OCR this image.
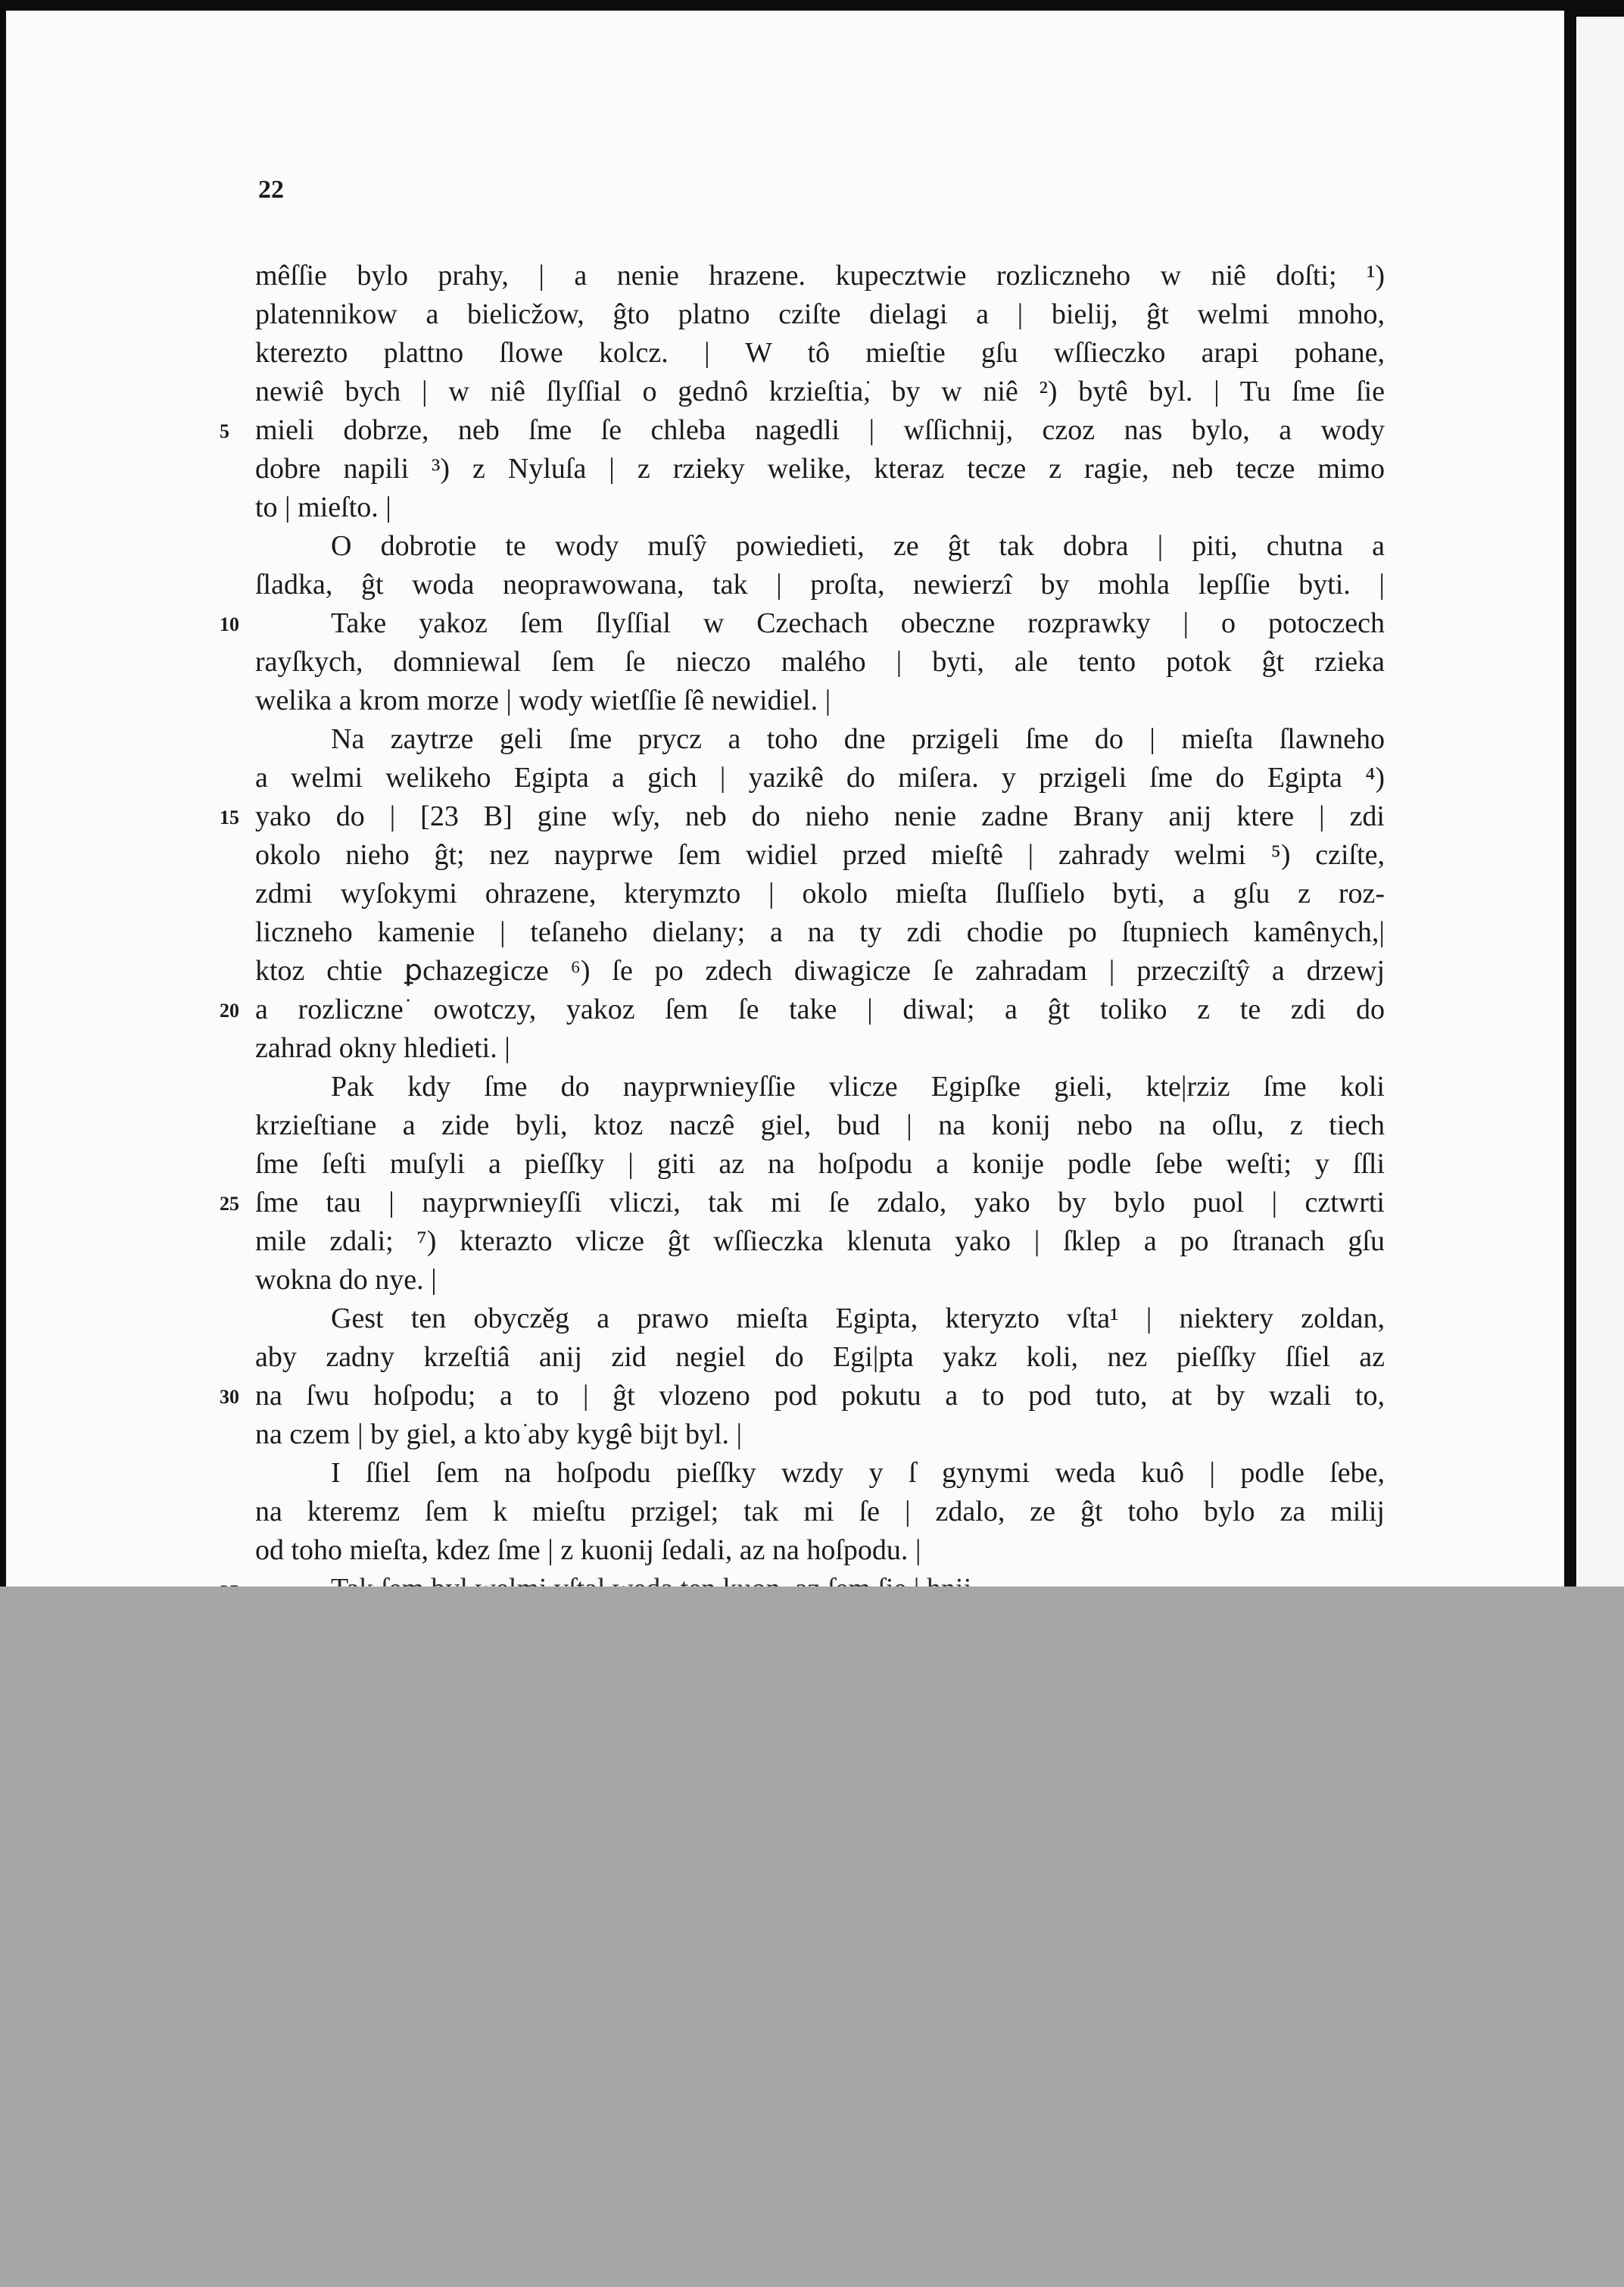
22
mêſſie bylo prahy, | a nenie hrazene. kupecztwie rozliczneho w niê doſti; ¹)
platennikow a bielicžow, ĝto platno cziſte dielagi a | bielij, ĝt welmi mnoho,
kterezto plattno ſlowe kolcz. | W tô mieſtie gſu wſſieczko arapi pohane,
newiê bych | w niê ſlyſſial o gednô krzieſtia͘, by w niê ²) bytê byl. | Tu ſme ſie
5 mieli dobrze, neb ſme ſe chleba nagedli | wſſichnij, czoz nas bylo, a wody
dobre napili ³) z Nyluſa | z rzieky welike, kteraz tecze z ragie, neb tecze mimo
to | mieſto. |
O dobrotie te wody muſŷ powiedieti, ze ĝt tak dobra | piti, chutna a
ſladka, ĝt woda neoprawowana, tak | proſta, newierzî by mohla lepſſie byti. |
10	Take yakoz ſem ſlyſſial w Czechach obeczne rozprawky | o potoczech
rayſkych, domniewal ſem ſe nieczo malého | byti, ale tento potok ĝt rzieka
welika a krom morze | wody wietſſie ſê newidiel. |
Na zaytrze geli ſme prycz a toho dne przigeli ſme do | mieſta ſlawneho
a welmi welikeho Egipta a gich | yazikê do miſera. y przigeli ſme do Egipta ⁴)
15 yako do | [23 B] gine wſy, neb do nieho nenie zadne Brany anij ktere | zdi
okolo nieho ĝt; nez nayprwe ſem widiel przed mieſtê | zahrady welmi ⁵) cziſte,
zdmi wyſokymi ohrazene, kterymzto | okolo mieſta ſluſſielo byti, a gſu z roz-
liczneho kamenie | teſaneho dielany; a na ty zdi chodie po ſtupniech kamênych,|
ktoz chtie ꝑchazegicze ⁶) ſe po zdech diwagicze ſe zahradam | przecziſtŷ a drzewj
20 a rozliczne͘ owotczy, yakoz ſem ſe take | diwal; a ĝt toliko z te zdi do
zahrad okny hledieti. |
Pak kdy ſme do nayprwnieyſſie vlicze Egipſke gieli, kte|rziz ſme koli
krzieſtiane a zide byli, ktoz naczê giel, bud | na konij nebo na oſlu, z tiech
ſme ſeſti muſyli a pieſſky | giti az na hoſpodu a konije podle ſebe weſti; y ſſli
25 ſme tau | nayprwnieyſſi vliczi, tak mi ſe zdalo, yako by bylo puol | cztwrti
mile zdali; ⁷) kterazto vlicze ĝt wſſieczka klenuta yako | ſklep a po ſtranach gſu
wokna do nye. |
Gest ten obyczěg a prawo mieſta Egipta, kteryzto vſta¹ | niektery zoldan,
aby zadny krzeſtiâ anij zid negiel do Egi|pta yakz koli, nez pieſſky ſſiel az
30 na ſwu hoſpodu; a to | ĝt vlozeno pod pokutu a to pod tuto, at by wzali to,
na czem | by giel, a kto͘ aby kygê bijt byl. |
I ſſiel ſem na hoſpodu pieſſky wzdy y ſ gynymi weda kuô | podle ſebe,
na kteremz ſem k mieſtu przigel; tak mi ſe | zdalo, ze ĝt toho bylo za milij
od toho mieſta, kdez ſme | z kuonij ſedali, az na hoſpodu. |
